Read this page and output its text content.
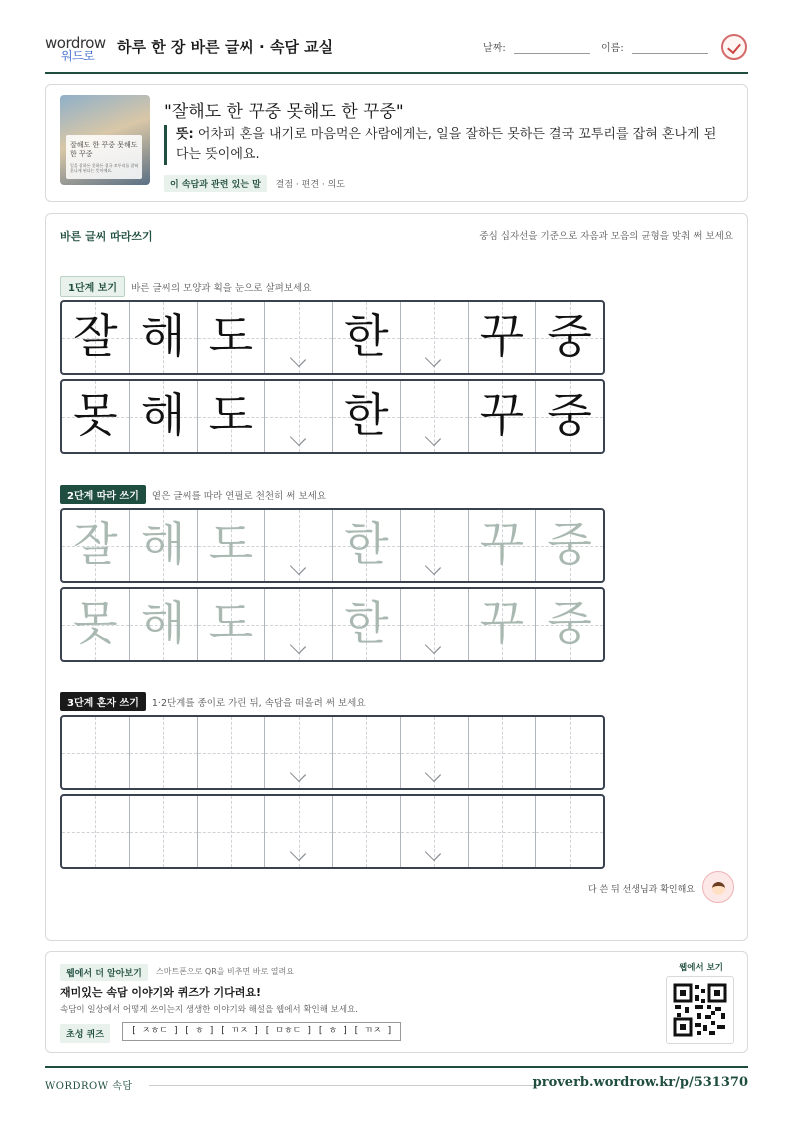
wordrow
워드로 하루 한 장 바른 글씨 · 속담 교실	날짜:	이름:
잘해도 한 꾸중 못해도 한 꾸중
일을 잘하든 못하든 결국 꼬투리를 잡혀 혼나게 된다는 뜻이에요.
"잘해도 한 꾸중 못해도 한 꾸중"
뜻: 어차피 혼을 내기로 마음먹은 사람에게는, 일을 잘하든 못하든 결국 꼬투리를 잡혀 혼나게 된다는 뜻이에요.
이 속담과 관련 있는 말 결점 · 편견 · 의도
바른 글씨 따라쓰기	중심 십자선을 기준으로 자음과 모음의 균형을 맞춰 써 보세요
1단계 보기 바른 글씨의 모양과 획을 눈으로 살펴보세요
잘 해 도 한 꾸 중
못 해 도 한 꾸 중
2단계 따라 쓰기 옅은 글씨를 따라 연필로 천천히 써 보세요
잘 해 도 한 꾸 중
못 해 도 한 꾸 중
3단계 혼자 쓰기 1·2단계를 종이로 가린 뒤, 속담을 떠올려 써 보세요
다 쓴 뒤 선생님과 확인해요
웹에서 더 알아보기	스마트폰으로 QR을 비추면 바로 열려요
재미있는 속담 이야기와 퀴즈가 기다려요!
속담이 일상에서 어떻게 쓰이는지 생생한 이야기와 해설을 웹에서 확인해 보세요.
초성 퀴즈	[ ㅈㅎㄷ ] [ ㅎ ] [ ㄲㅈ ] [ ㅁㅎㄷ ] [ ㅎ ] [ ㄲㅈ ]
웹에서 보기
WORDROW 속담	proverb.wordrow.kr/p/531370
